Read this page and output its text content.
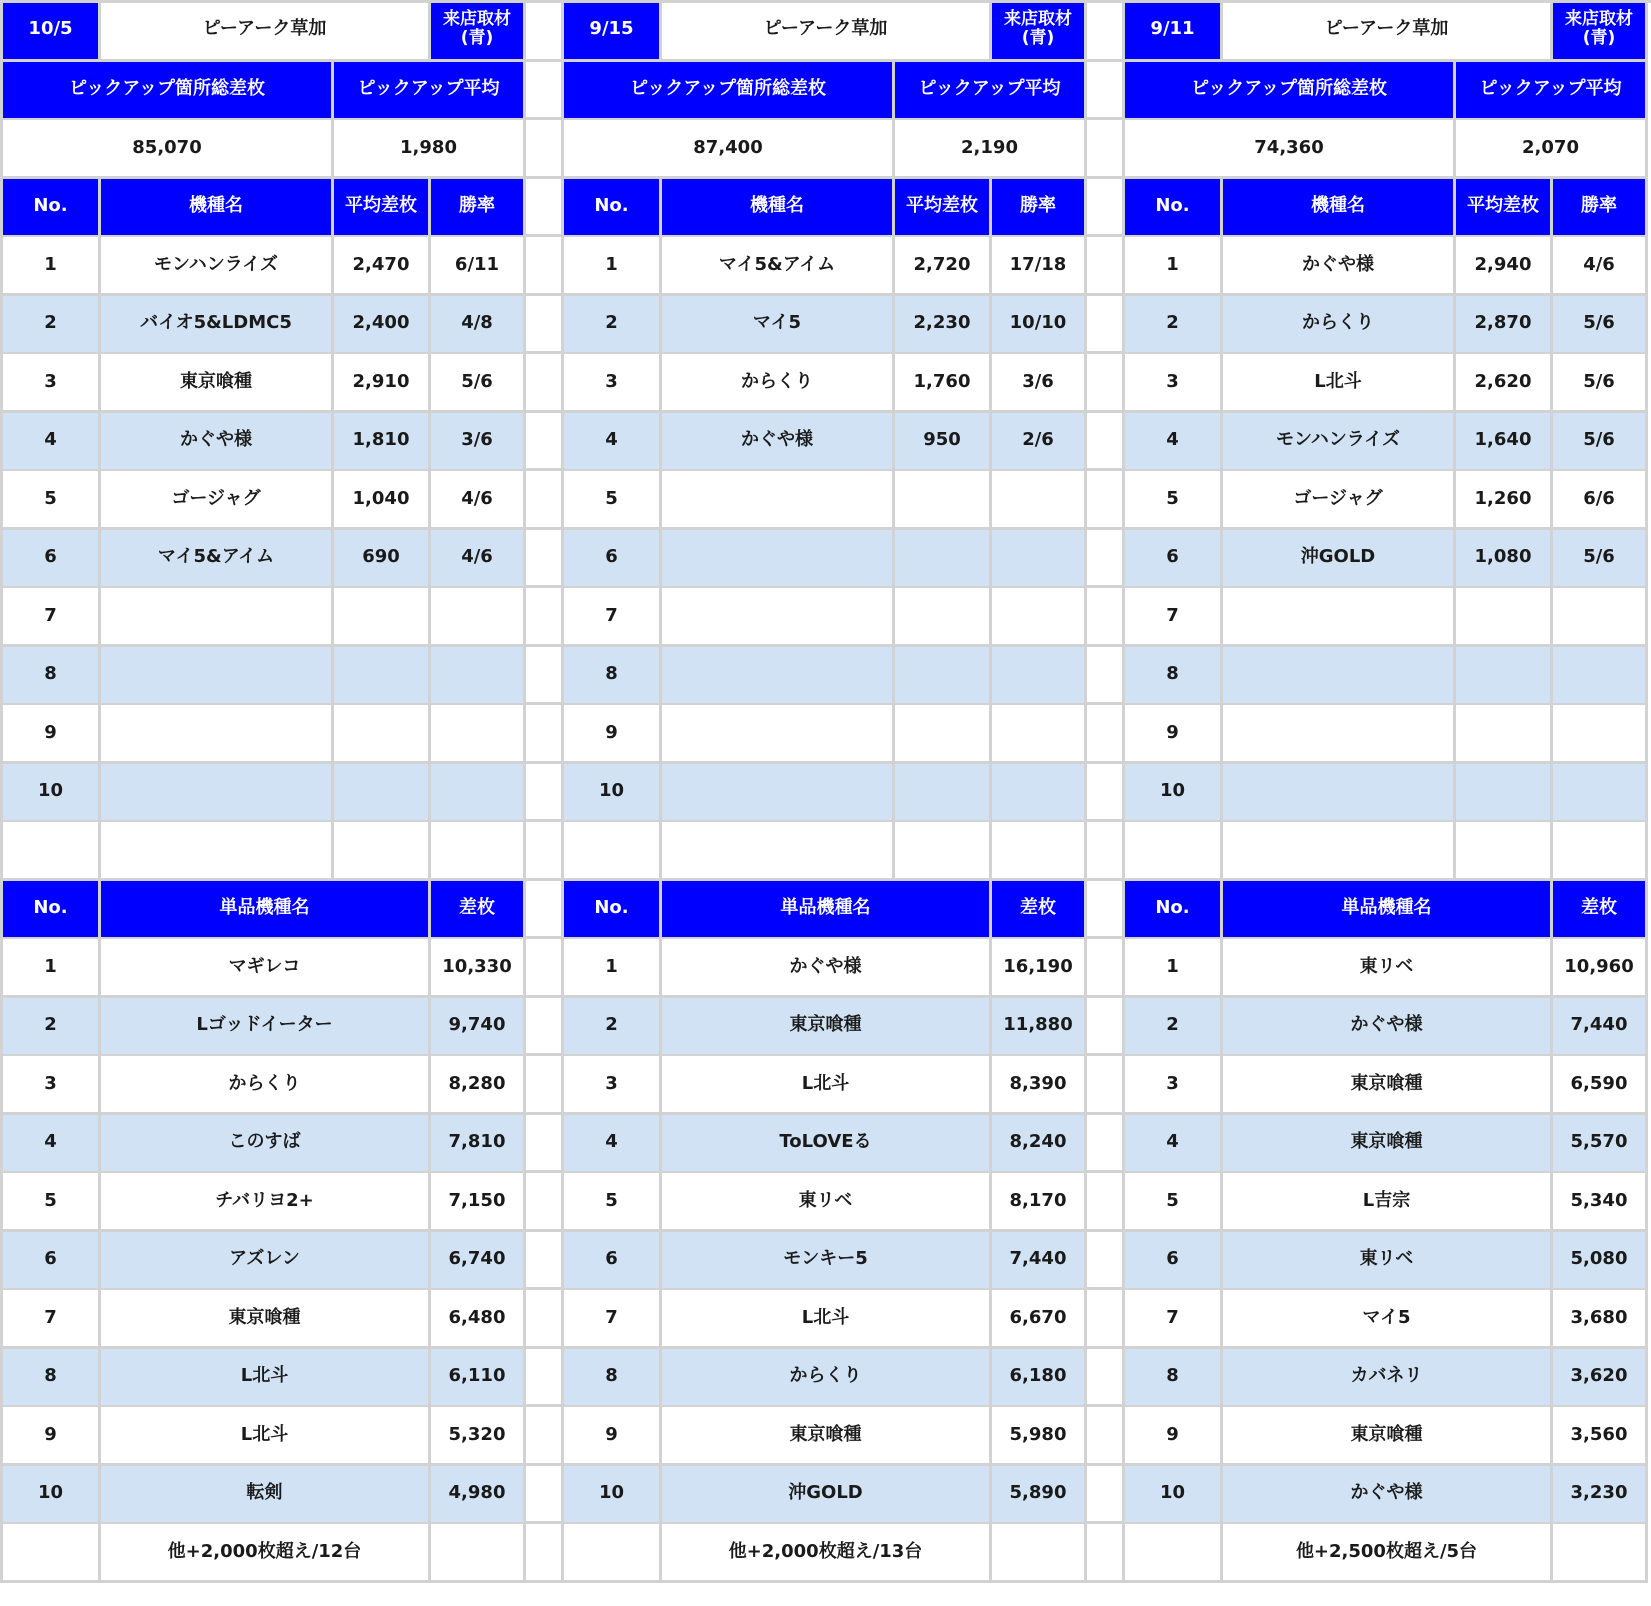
10/5	ピーアーク草加	来店取材
(青)
ピックアップ箇所総差枚	ピックアップ平均
85,070	1,980
No.	機種名	平均差枚	勝率
1	モンハンライズ	2,470	6/11
2	バイオ5&LDMC5	2,400	4/8
3	東京喰種	2,910	5/6
4	かぐや様	1,810	3/6
5	ゴージャグ	1,040	4/6
6	マイ5&アイム	690	4/6
7
8
9
10
No.	単品機種名	差枚
1	マギレコ	10,330
2	Lゴッドイーター	9,740
3	からくり	8,280
4	このすば	7,810
5	チバリヨ2+	7,150
6	アズレン	6,740
7	東京喰種	6,480
8	L北斗	6,110
9	L北斗	5,320
10	転剣	4,980
他+2,000枚超え/12台
9/15	ピーアーク草加	来店取材
(青)
ピックアップ箇所総差枚	ピックアップ平均
87,400	2,190
No.	機種名	平均差枚	勝率
1	マイ5&アイム	2,720	17/18
2	マイ5	2,230	10/10
3	からくり	1,760	3/6
4	かぐや様	950	2/6
5
6
7
8
9
10
No.	単品機種名	差枚
1	かぐや様	16,190
2	東京喰種	11,880
3	L北斗	8,390
4	ToLOVEる	8,240
5	東リベ	8,170
6	モンキー5	7,440
7	L北斗	6,670
8	からくり	6,180
9	東京喰種	5,980
10	沖GOLD	5,890
他+2,000枚超え/13台
9/11	ピーアーク草加	来店取材
(青)
ピックアップ箇所総差枚	ピックアップ平均
74,360	2,070
No.	機種名	平均差枚	勝率
1	かぐや様	2,940	4/6
2	からくり	2,870	5/6
3	L北斗	2,620	5/6
4	モンハンライズ	1,640	5/6
5	ゴージャグ	1,260	6/6
6	沖GOLD	1,080	5/6
7
8
9
10
No.	単品機種名	差枚
1	東リベ	10,960
2	かぐや様	7,440
3	東京喰種	6,590
4	東京喰種	5,570
5	L吉宗	5,340
6	東リベ	5,080
7	マイ5	3,680
8	カバネリ	3,620
9	東京喰種	3,560
10	かぐや様	3,230
他+2,500枚超え/5台
